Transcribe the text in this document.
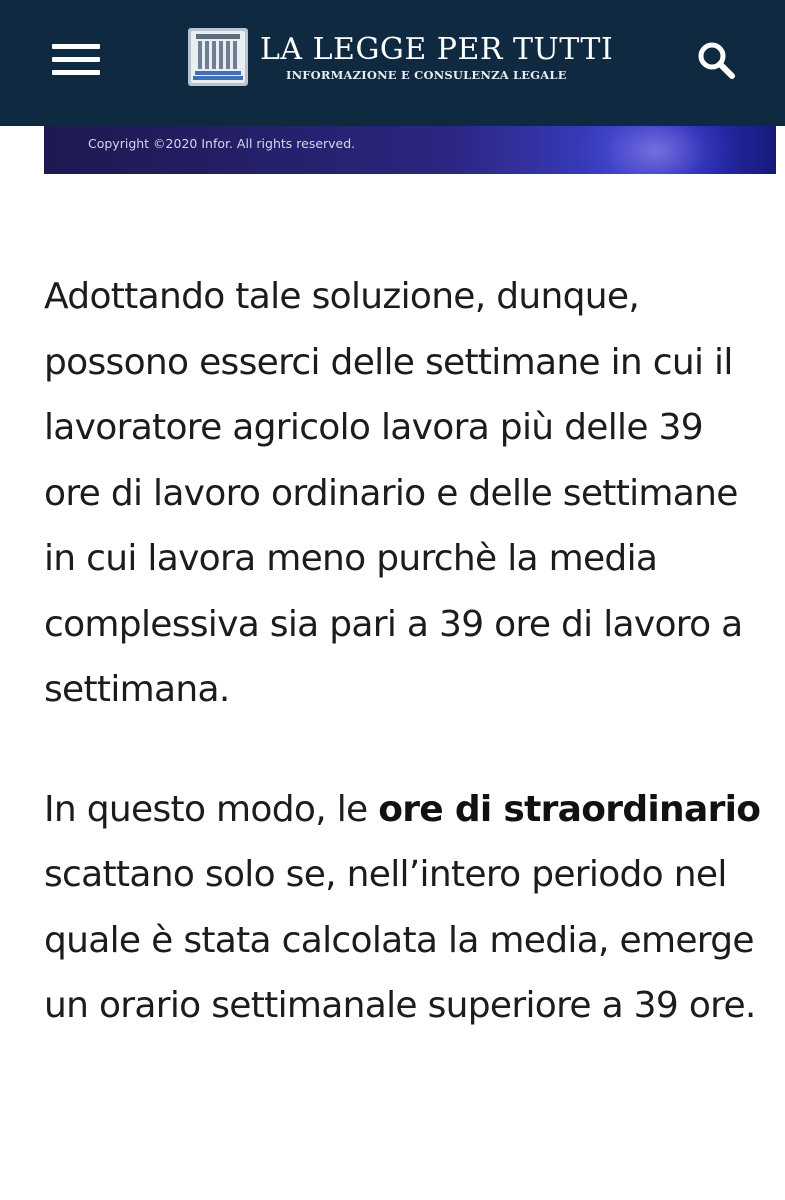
LA LEGGE PER TUTTI
INFORMAZIONE E CONSULENZA LEGALE
Copyright ©2020 Infor. All rights reserved.

Adottando tale soluzione, dunque, possono esserci delle settimane in cui il lavoratore agricolo lavora più delle 39 ore di lavoro ordinario e delle settimane in cui lavora meno purchè la media complessiva sia pari a 39 ore di lavoro a settimana.

In questo modo, le ore di straordinario scattano solo se, nell’intero periodo nel quale è stata calcolata la media, emerge un orario settimanale superiore a 39 ore.
